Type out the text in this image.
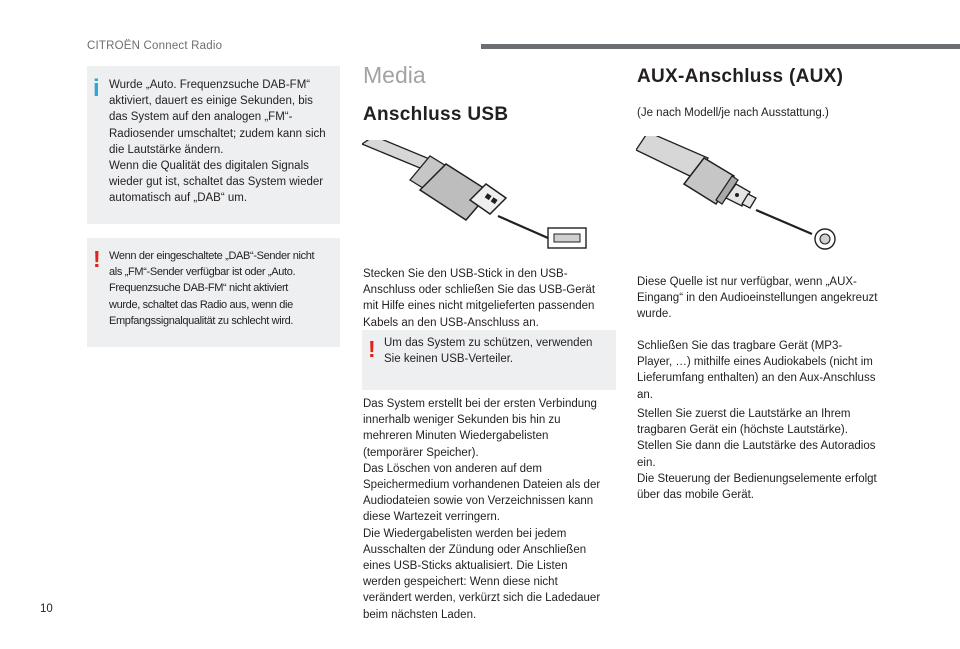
CITROËN Connect Radio
i Wurde „Auto. Frequenzsuche DAB-FM“
aktiviert, dauert es einige Sekunden, bis
das System auf den analogen „FM“-
Radiosender umschaltet; zudem kann sich
die Lautstärke ändern.
Wenn die Qualität des digitalen Signals
wieder gut ist, schaltet das System wieder
automatisch auf „DAB“ um.
! Wenn der eingeschaltete „DAB“-Sender nicht
als „FM“-Sender verfügbar ist oder „Auto.
Frequenzsuche DAB-FM“ nicht aktiviert
wurde, schaltet das Radio aus, wenn die
Empfangssignalqualität zu schlecht wird.
Media
Anschluss USB
Stecken Sie den USB-Stick in den USB-
Anschluss oder schließen Sie das USB-Gerät
mit Hilfe eines nicht mitgelieferten passenden
Kabels an den USB-Anschluss an.
! Um das System zu schützen, verwenden
Sie keinen USB-Verteiler.
Das System erstellt bei der ersten Verbindung
innerhalb weniger Sekunden bis hin zu
mehreren Minuten Wiedergabelisten
(temporärer Speicher).
Das Löschen von anderen auf dem
Speichermedium vorhandenen Dateien als der
Audiodateien sowie von Verzeichnissen kann
diese Wartezeit verringern.
Die Wiedergabelisten werden bei jedem
Ausschalten der Zündung oder Anschließen
eines USB-Sticks aktualisiert. Die Listen
werden gespeichert: Wenn diese nicht
verändert werden, verkürzt sich die Ladedauer
beim nächsten Laden.
AUX-Anschluss (AUX)
(Je nach Modell/je nach Ausstattung.)
Diese Quelle ist nur verfügbar, wenn „AUX-
Eingang“ in den Audioeinstellungen angekreuzt
wurde.
Schließen Sie das tragbare Gerät (MP3-
Player, …) mithilfe eines Audiokabels (nicht im
Lieferumfang enthalten) an den Aux-Anschluss
an.
Stellen Sie zuerst die Lautstärke an Ihrem
tragbaren Gerät ein (höchste Lautstärke).
Stellen Sie dann die Lautstärke des Autoradios
ein.
Die Steuerung der Bedienungselemente erfolgt
über das mobile Gerät.
10
